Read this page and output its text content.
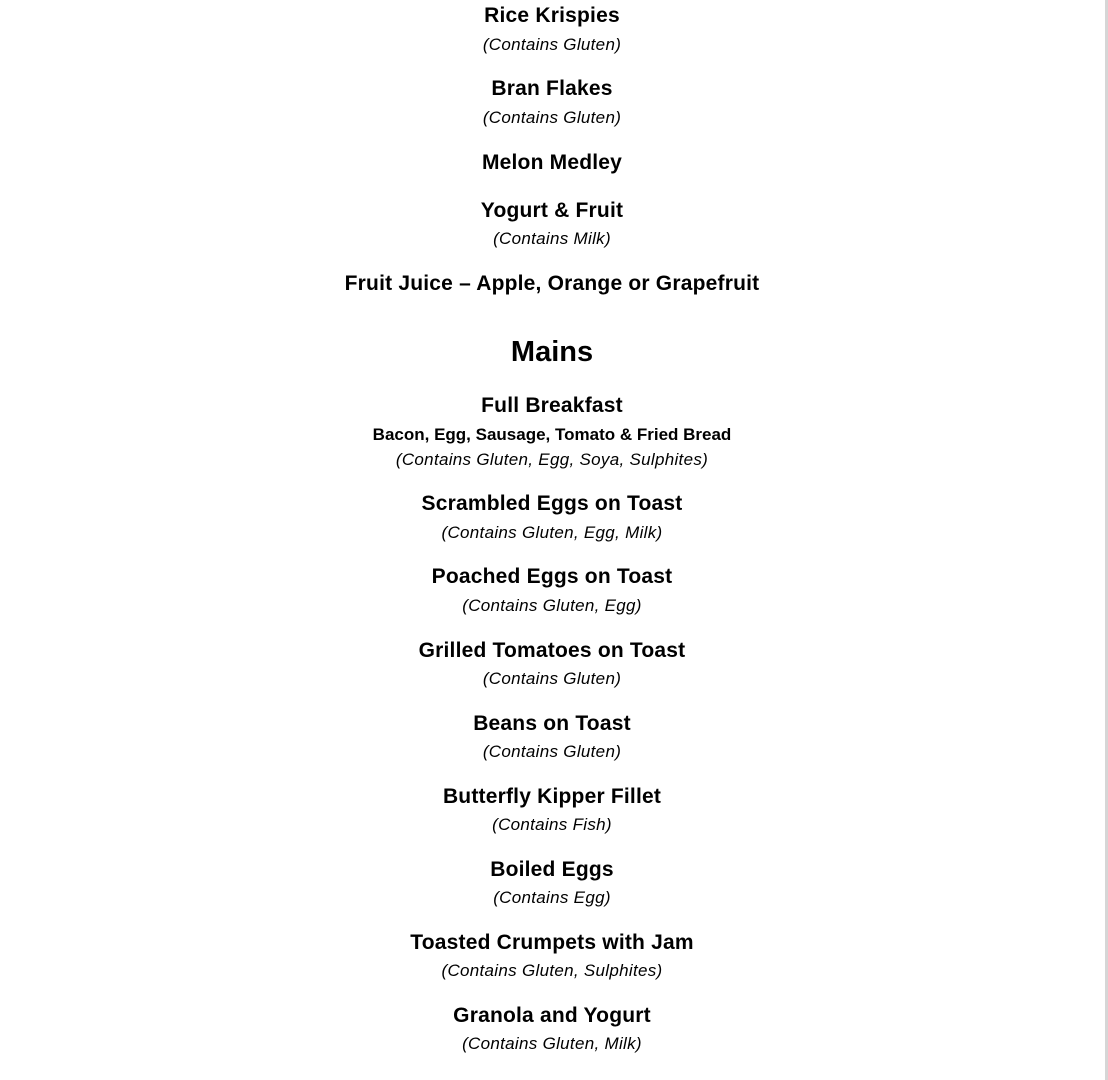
Rice Krispies
(Contains Gluten)
Bran Flakes
(Contains Gluten)
Melon Medley
Yogurt & Fruit
(Contains Milk)
Fruit Juice – Apple, Orange or Grapefruit
Mains
Full Breakfast
Bacon, Egg, Sausage, Tomato & Fried Bread
(Contains Gluten, Egg, Soya, Sulphites)
Scrambled Eggs on Toast
(Contains Gluten, Egg, Milk)
Poached Eggs on Toast
(Contains Gluten, Egg)
Grilled Tomatoes on Toast
(Contains Gluten)
Beans on Toast
(Contains Gluten)
Butterfly Kipper Fillet
(Contains Fish)
Boiled Eggs
(Contains Egg)
Toasted Crumpets with Jam
(Contains Gluten, Sulphites)
Granola and Yogurt
(Contains Gluten, Milk)
